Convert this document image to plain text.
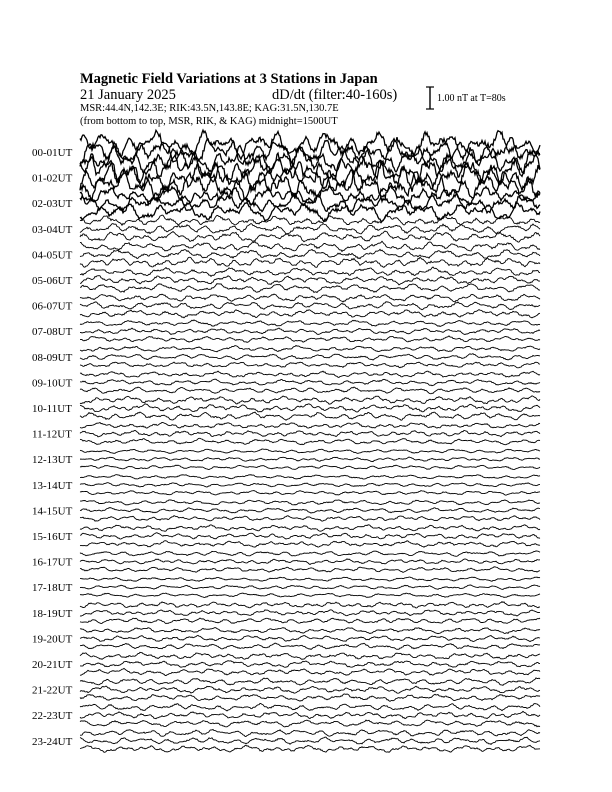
Magnetic Field Variations at 3 Stations in Japan
21 January 2025	dD/dt (filter:40-160s)
MSR:44.4N,142.3E; RIK:43.5N,143.8E; KAG:31.5N,130.7E
(from bottom to top, MSR, RIK, & KAG) midnight=1500UT
1.00 nT at T=80s
00-01UT
01-02UT
02-03UT
03-04UT
04-05UT
05-06UT
06-07UT
07-08UT
08-09UT
09-10UT
10-11UT
11-12UT
12-13UT
13-14UT
14-15UT
15-16UT
16-17UT
17-18UT
18-19UT
19-20UT
20-21UT
21-22UT
22-23UT
23-24UT
